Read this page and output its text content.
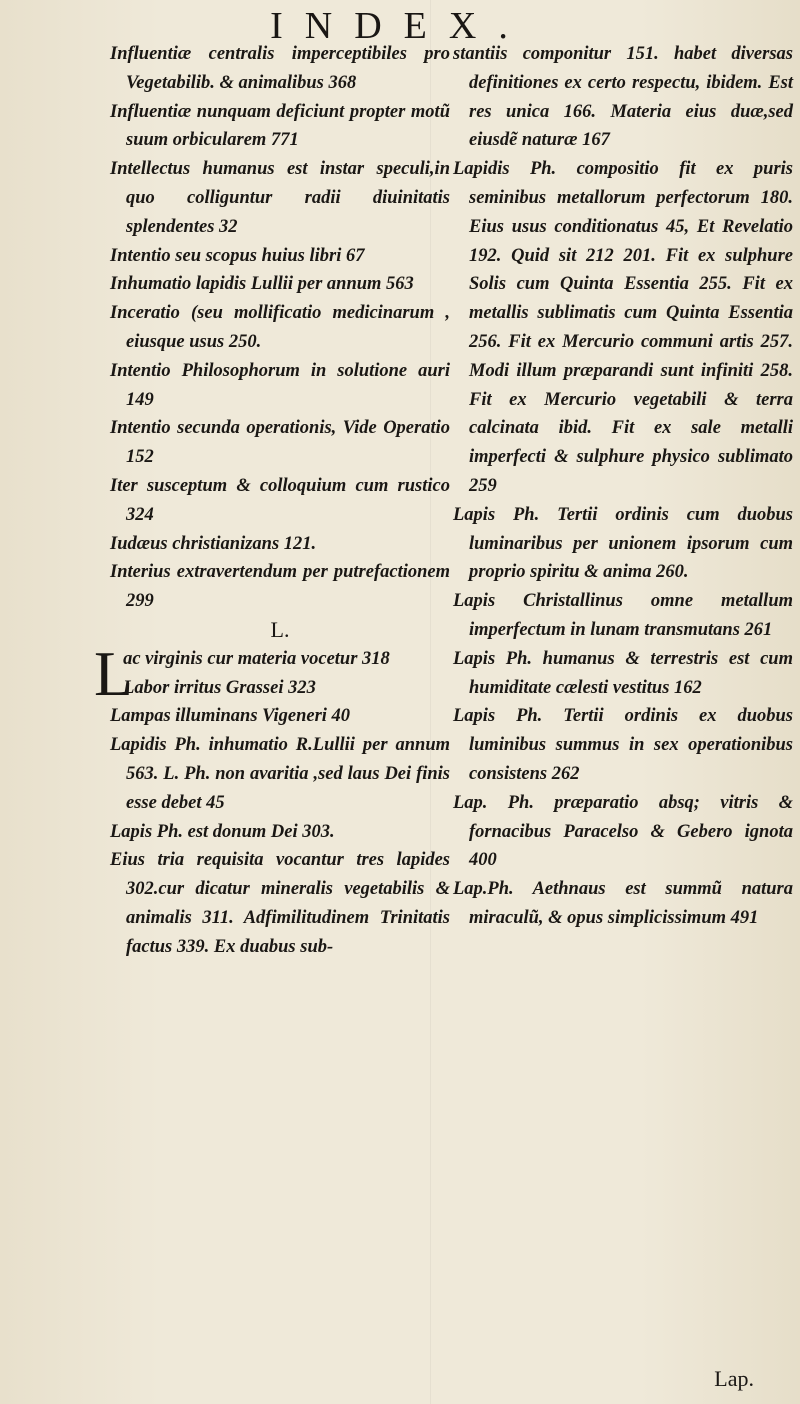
INDEX.
Influentiæ centralis imperceptibiles pro Vegetabilib. & animalibus 368
Influentiæ nunquam deficiunt propter motũ suum orbicularem 771
Intellectus humanus est instar speculi,in quo colliguntur radii diuinitatis splendentes 32
Intentio seu scopus huius libri 67
Inhumatio lapidis Lullii per annum 563
Inceratio (seu mollificatio medicinarum , eiusque usus 250.
Intentio Philosophorum in solutione auri 149
Intentio secunda operationis, Vide Operatio 152
Iter susceptum & colloquium cum rustico 324
Iudæus christianizans 121.
Interius extravertendum per putrefactionem 299
L.
Lac virginis cur materia vocetur 318
Labor irritus Grassei 323
Lampas illuminans Vigeneri 40
Lapidis Ph. inhumatio R.Lullii per annum 563. L. Ph. non avaritia ,sed laus Dei finis esse debet 45
Lapis Ph. est donum Dei 303.
Eius tria requisita vocantur tres lapides 302.cur dicatur mineralis vegetabilis & animalis 311. Adfimilitudinem Trinitatis factus 339. Ex duabus sub-
stantiis componitur 151. habet diversas definitiones ex certo respectu, ibidem. Est res unica 166. Materia eius duæ,sed eiusdẽ naturæ 167
Lapidis Ph. compositio fit ex puris seminibus metallorum perfectorum 180. Eius usus conditionatus 45, Et Revelatio 192. Quid sit 212 201. Fit ex sulphure Solis cum Quinta Essentia 255. Fit ex metallis sublimatis cum Quinta Essentia 256. Fit ex Mercurio communi artis 257. Modi illum præparandi sunt infiniti 258. Fit ex Mercurio vegetabili & terra calcinata ibid. Fit ex sale metalli imperfecti & sulphure physico sublimato 259
Lapis Ph. Tertii ordinis cum duobus luminaribus per unionem ipsorum cum proprio spiritu & anima 260.
Lapis Christallinus omne metallum imperfectum in lunam transmutans 261
Lapis Ph. humanus & terrestris est cum humiditate cælesti vestitus 162
Lapis Ph. Tertii ordinis ex duobus luminibus summus in sex operationibus consistens 262
Lap. Ph. præparatio absq; vitris & fornacibus Paracelso & Gebero ignota 400
Lap.Ph. Aethnaus est summũ natura miraculũ, & opus simplicissimum 491
Lap.
